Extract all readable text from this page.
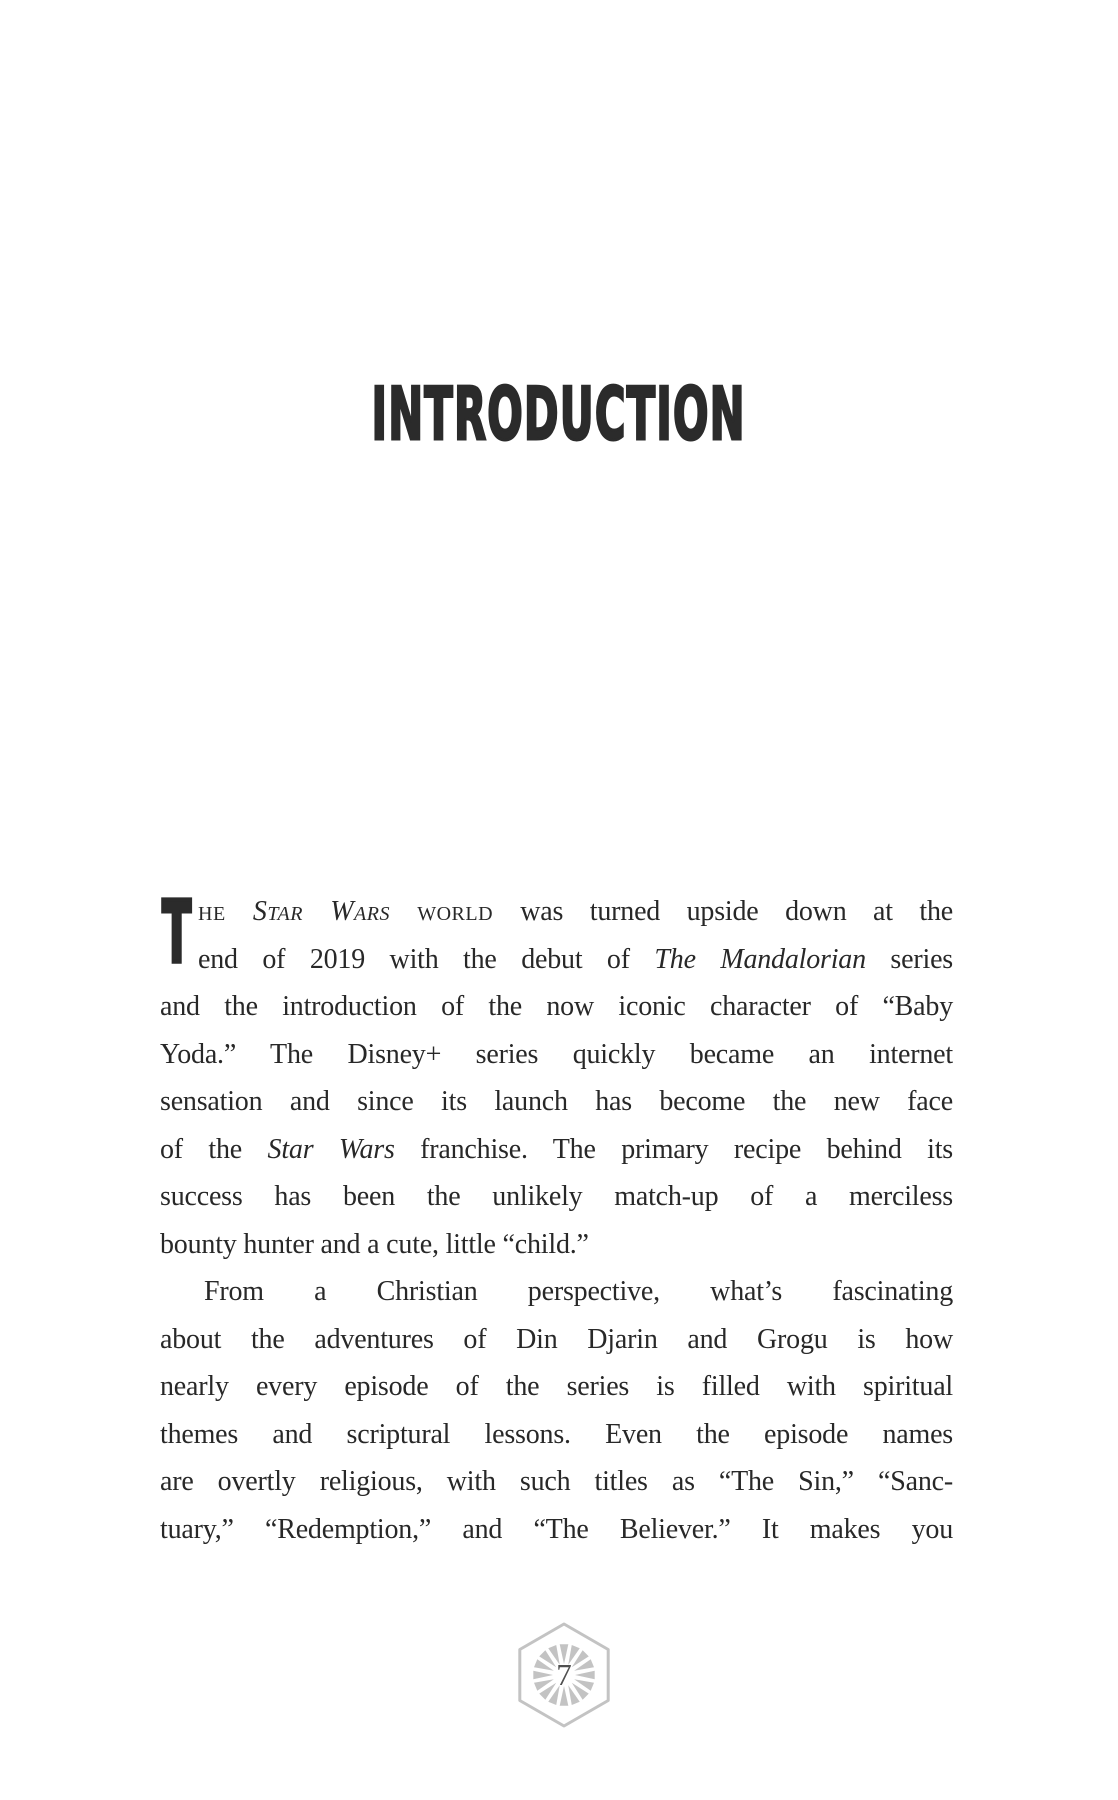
INTRODUCTION
T he Star Wars world was turned upside down at the
end of 2019 with the debut of The Mandalorian series
and the introduction of the now iconic character of “Baby
Yoda.” The Disney+ series quickly became an internet
sensation and since its launch has become the new face
of the Star Wars franchise. The primary recipe behind its
success has been the unlikely match-up of a merciless
bounty hunter and a cute, little “child.”
From a Christian perspective, what’s fascinating
about the adventures of Din Djarin and Grogu is how
nearly every episode of the series is filled with spiritual
themes and scriptural lessons. Even the episode names
are overtly religious, with such titles as “The Sin,” “Sanc-
tuary,” “Redemption,” and “The Believer.” It makes you
7
